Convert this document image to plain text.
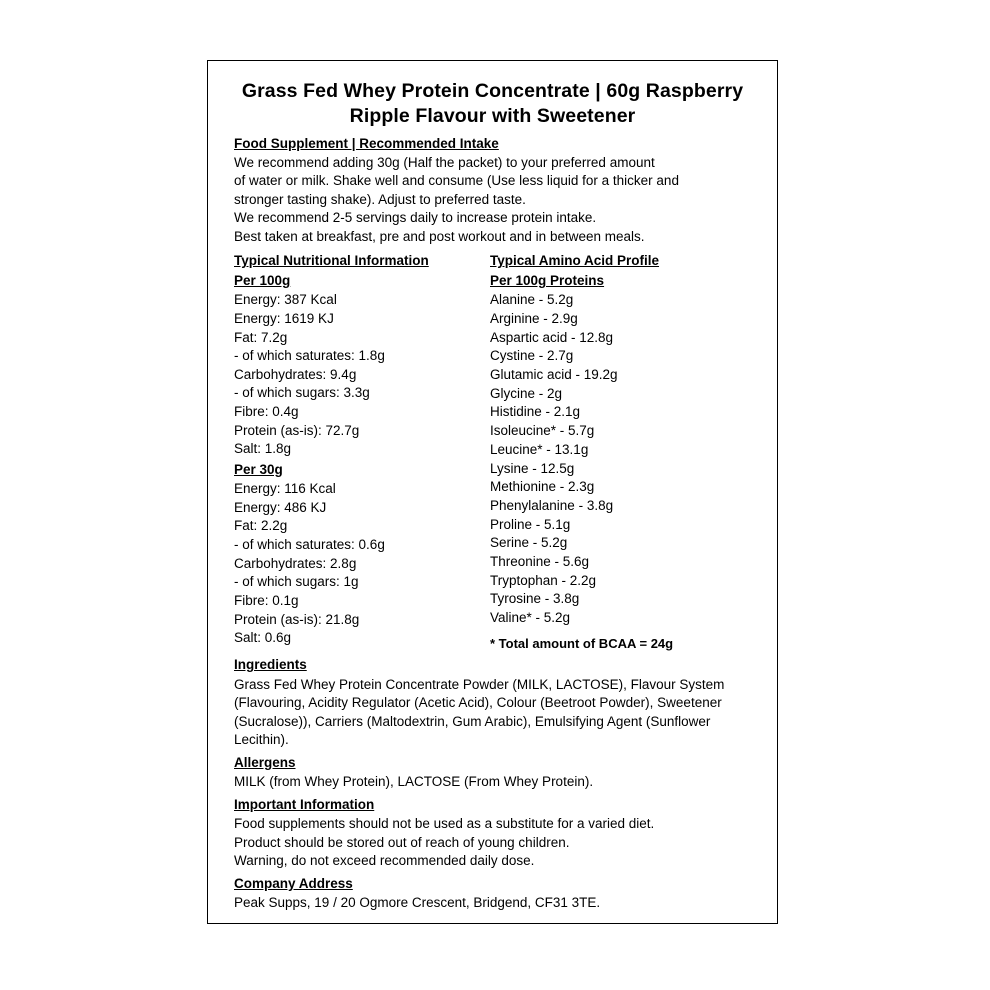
Grass Fed Whey Protein Concentrate | 60g Raspberry Ripple Flavour with Sweetener
Food Supplement | Recommended Intake
We recommend adding 30g (Half the packet) to your preferred amount
of water or milk. Shake well and consume (Use less liquid for a thicker and
stronger tasting shake). Adjust to preferred taste.
We recommend 2-5 servings daily to increase protein intake.
Best taken at breakfast, pre and post workout and in between meals.
Typical Nutritional Information
Per 100g
Energy: 387 Kcal
Energy: 1619 KJ
Fat: 7.2g
- of which saturates: 1.8g
Carbohydrates: 9.4g
- of which sugars: 3.3g
Fibre: 0.4g
Protein (as-is): 72.7g
Salt: 1.8g
Per 30g
Energy: 116 Kcal
Energy: 486 KJ
Fat: 2.2g
- of which saturates: 0.6g
Carbohydrates: 2.8g
- of which sugars: 1g
Fibre: 0.1g
Protein (as-is): 21.8g
Salt: 0.6g
Typical Amino Acid Profile
Per 100g Proteins
Alanine - 5.2g
Arginine - 2.9g
Aspartic acid - 12.8g
Cystine - 2.7g
Glutamic acid - 19.2g
Glycine - 2g
Histidine - 2.1g
Isoleucine* - 5.7g
Leucine* - 13.1g
Lysine - 12.5g
Methionine - 2.3g
Phenylalanine - 3.8g
Proline - 5.1g
Serine - 5.2g
Threonine - 5.6g
Tryptophan - 2.2g
Tyrosine - 3.8g
Valine* - 5.2g
* Total amount of BCAA = 24g
Ingredients
Grass Fed Whey Protein Concentrate Powder (MILK, LACTOSE), Flavour System (Flavouring, Acidity Regulator (Acetic Acid), Colour (Beetroot Powder), Sweetener (Sucralose)), Carriers (Maltodextrin, Gum Arabic), Emulsifying Agent (Sunflower Lecithin).
Allergens
MILK (from Whey Protein), LACTOSE (From Whey Protein).
Important Information
Food supplements should not be used as a substitute for a varied diet.
Product should be stored out of reach of young children.
Warning, do not exceed recommended daily dose.
Company Address
Peak Supps, 19 / 20 Ogmore Crescent, Bridgend, CF31 3TE.
